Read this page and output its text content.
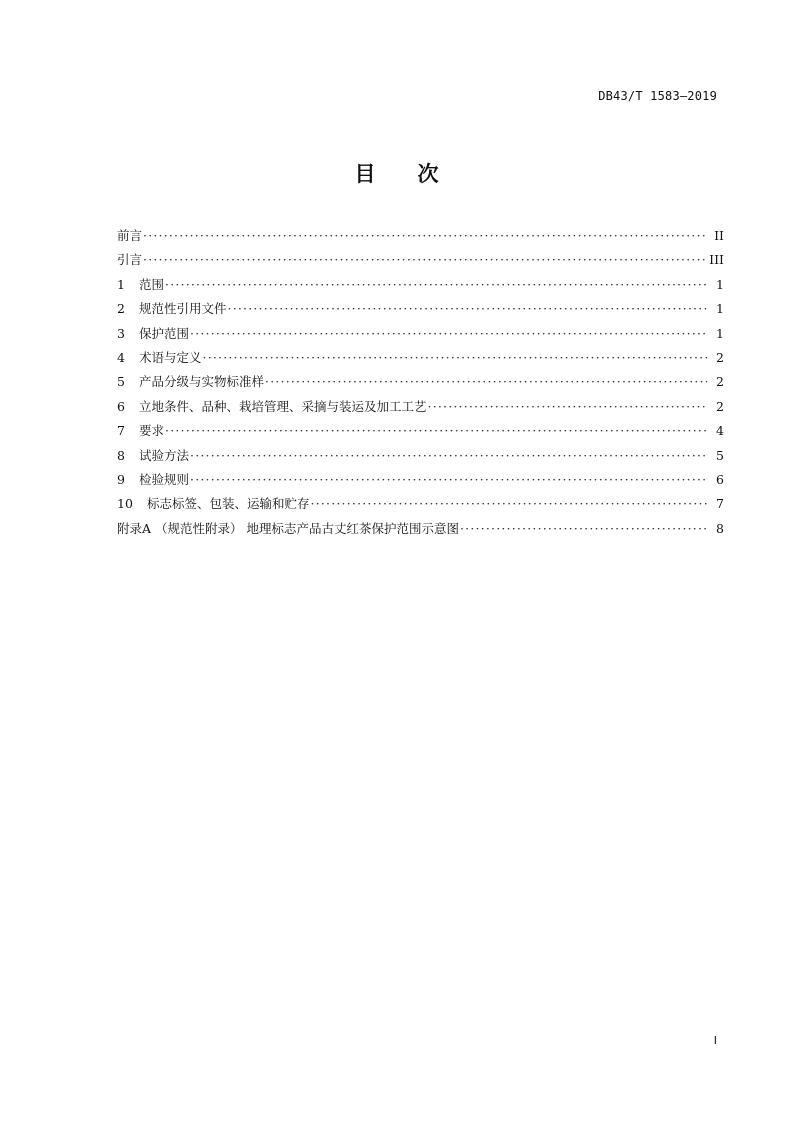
DB43/T 1583—2019
目 次
前言 ·····	II
引言 ·····	III
1	范围 ·····	1
2	规范性引用文件 ·····	1
3	保护范围 ·····	1
4	术语与定义 ·····	2
5	产品分级与实物标准样 ·····	2
6	立地条件、品种、栽培管理、采摘与装运及加工工艺 ·····	2
7	要求 ·····	4
8	试验方法 ·····	5
9	检验规则 ·····	6
10	标志标签、包装、运输和贮存 ·····	7
附录A （规范性附录） 地理标志产品古丈红茶保护范围示意图 ·····	8
I
